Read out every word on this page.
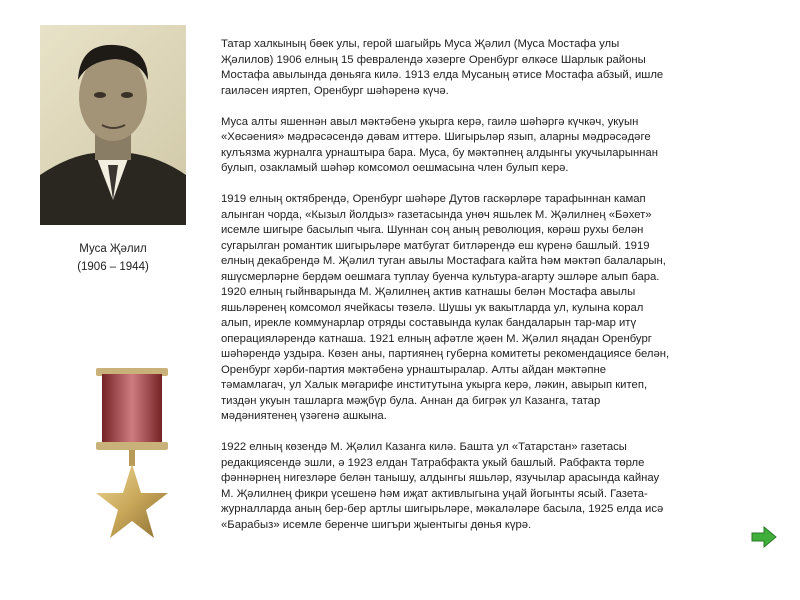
Муса Җәлил
(1906 – 1944)

Татар халкының бөек улы, герой шагыйрь Муса Җәлил (Муса Мостафа улы
Җәлилов) 1906 елның 15 февралендә хәзерге Оренбург өлкәсе Шарлык районы
Мостафа авылында дөньяга килә. 1913 елда Мусаның әтисе Мостафа абзый, ишле
гаиләсен ияртеп, Оренбург шәһәренә күчә.

Муса алты яшеннән авыл мәктәбенә укырга керә, гаилә шәһәргә күчкәч, укуын
«Хөсәения» мәдрәсәсендә дәвам иттерә. Шигырьләр язып, аларны мәдрәсәдәге
кулъязма журналга урнаштыра бара. Муса, бу мәктәпнең алдынгы укучыларыннан
булып, озакламый шәһәр комсомол оешмасына член булып керә.

1919 елның октябрендә, Оренбург шәһәре Дутов гаскәрләре тарафыннан камап
алынган чорда, «Кызыл йолдыз» газетасында унөч яшьлек М. Җәлилнең «Бәхет»
исемле шигыре басылып чыга. Шуннан соң аның революция, көрәш рухы белән
сугарылган романтик шигырьләре матбугат битләрендә еш күренә башлый. 1919
елның декабрендә М. Җәлил туган авылы Мостафага кайта һәм мәктәп балаларын,
яшүсмерләрне бердәм оешмага туплау буенча культура-агарту эшләре алып бара.
1920 елның гыйнварында М. Җәлилнең актив катнашы белән Мостафа авылы
яшьләренең комсомол ячейкасы төзелә. Шушы ук вакытларда ул, кулына корал
алып, ирекле коммунарлар отряды составында кулак бандаларын тар-мар итү
операцияләрендә катнаша. 1921 елның афәтле җәен М. Җәлил яңадан Оренбург
шәһәрендә уздыра. Көзен аны, партиянең губерна комитеты рекомендациясе белән,
Оренбург хәрби-партия мәктәбенә урнаштыралар. Алты айдан мәктәпне
тәмамлагач, ул Халык мәгарифе институтына укырга керә, ләкин, авырып китеп,
тиздән укуын ташларга мәҗбүр була. Аннан да бигрәк ул Казанга, татар
мәдәниятенең үзәгенә ашкына.

1922 елның көзендә М. Җәлил Казанга килә. Башта ул «Татарстан» газетасы
редакциясендә эшли, ә 1923 елдан Татрабфакта укый башлый. Рабфакта төрле
фәннәрнең нигезләре белән танышу, алдынгы яшьләр, язучылар арасында кайнау
М. Җәлилнең фикри үсешенә һәм иҗат активлыгына уңай йогынты ясый. Газета-
журналларда аның бер-бер артлы шигырьләре, мәкаләләре басыла, 1925 елда исә
«Барабыз» исемле беренче шигъри җыентыгы дөнья күрә.
